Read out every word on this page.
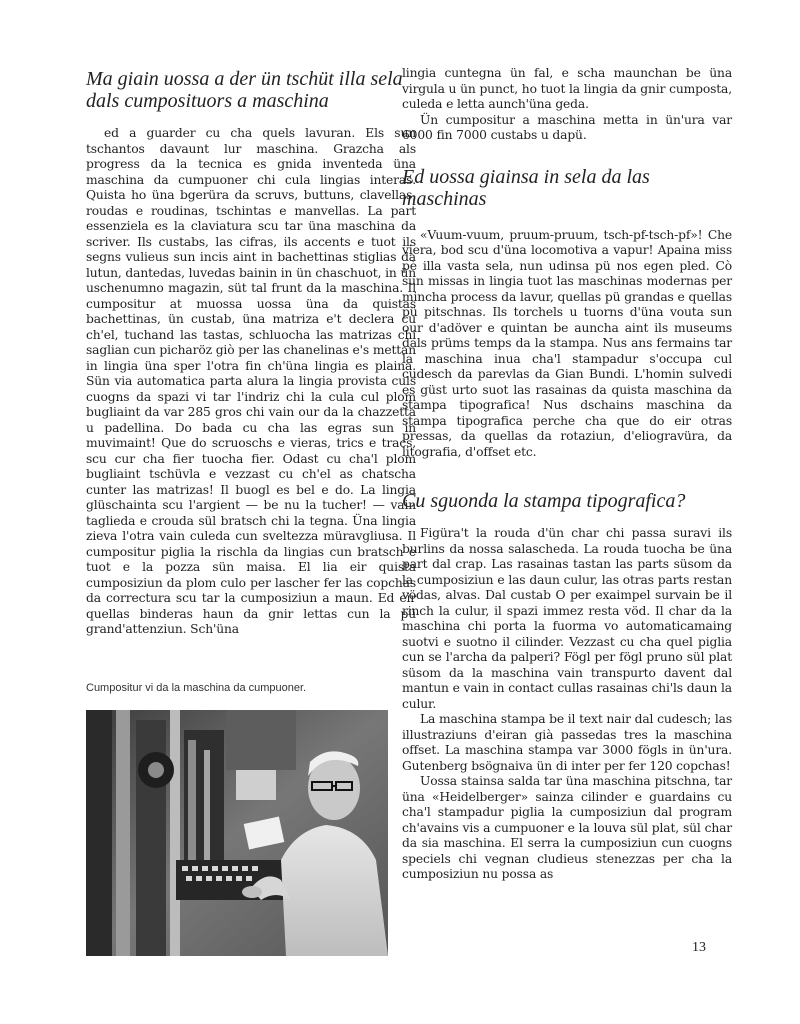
Ma giain uossa a der ün tschüt illa sela dals cumposituors a maschina

ed a guarder cu cha quels lavuran. Els sun tschantos davaunt lur maschina. Grazcha als progress da la tecnica es gnida inventeda üna maschina da cumpuoner chi cula lingias interas. Quista ho üna bgerüra da scruvs, buttuns, clavellas, roudas e roudinas, tschintas e manvellas. La part essenziela es la claviatura scu tar üna maschina da scriver. Ils custabs, las cifras, ils accents e tuot ils segns vulieus sun incis aint in bachettinas stiglias da lutun, dantedas, luvedas bainin in ün chaschuot, in ün uschenumno magazin, süt tal frunt da la maschina. Il cumpositur at muossa uossa üna da quistas bachettinas, ün custab, üna matriza e't declera cu ch'el, tuchand las tastas, schluocha las matrizas chi saglian cun picharöz giò per las chanelinas e's mettan in lingia üna sper l'otra fin ch'üna lingia es plaina. Sün via automatica parta alura la lingia provista culs cuogns da spazi vi tar l'indriz chi la cula cul plom bugliaint da var 285 gros chi vain our da la chazzetta u padellina. Do bada cu cha las egras sun in muvimaint! Que do scruoschs e vieras, trics e tracs, scu cur cha fier tuocha fier. Odast cu cha'l plom bugliaint tschüvla e vezzast cu ch'el as chatscha cunter las matrizas! Il buogl es bel e do. La lingia glüschainta scu l'argient — be nu la tucher! — vain taglieda e crouda sül bratsch chi la tegna. Üna lingia zieva l'otra vain culeda cun sveltezza müravgliusa. Il cumpositur piglia la rischla da lingias cun bratsch e tuot e la pozza sün maisa. El lia eir quista cumposiziun da plom culo per lascher fer las copchas da correctura scu tar la cumposiziun a maun. Ed eir quellas binderas haun da gnir lettas cun la pü grand'attenziun. Sch'üna

Cumpositur vi da la maschina da cumpuoner.

lingia cuntegna ün fal, e scha maunchan be üna virgula u ün punct, ho tuot la lingia da gnir cumposta, culeda e letta aunch'üna geda.

Ün cumpositur a maschina metta in ün'ura var 6000 fin 7000 custabs u dapü.

Ed uossa giainsa in sela da las maschinas

«Vuum-vuum, pruum-pruum, tsch-pf-tsch-pf»! Che viera, bod scu d'üna locomotiva a vapur! Apaina miss pè illa vasta sela, nun udinsa pü nos egen pled. Cò sun missas in lingia tuot las maschinas modernas per mincha process da lavur, quellas pü grandas e quellas pü pitschnas. Ils torchels u tuorns d'üna vouta sun our d'adöver e quintan be auncha aint ils museums dals prüms temps da la stampa. Nus ans fermains tar la maschina inua cha'l stampadur s'occupa cul cudesch da parevlas da Gian Bundi. L'homin sulvedi es güst urto suot las rasainas da quista maschina da stampa tipografica! Nus dschains maschina da stampa tipografica perche cha que do eir otras pressas, da quellas da rotaziun, d'eliogravüra, da litografia, d'offset etc.

Cu sguonda la stampa tipografica?

Figüra't la rouda d'ün char chi passa suravi ils burlins da nossa salascheda. La rouda tuocha be üna part dal crap. Las rasainas tastan las parts süsom da la cumposiziun e las daun culur, las otras parts restan vödas, alvas. Dal custab O per exaimpel survain be il rinch la culur, il spazi immez resta vöd. Il char da la maschina chi porta la fuorma vo automaticamaing suotvi e suotno il cilinder. Vezzast cu cha quel piglia cun se l'archa da palperi? Fögl per fögl pruno sül plat süsom da la maschina vain transpurto davent dal mantun e vain in contact cullas rasainas chi'ls daun la culur.

La maschina stampa be il text nair dal cudesch; las illustraziuns d'eiran già passedas tres la maschina offset. La maschina stampa var 3000 fögls in ün'ura. Gutenberg bsögnaiva ün di inter per fer 120 copchas!

Uossa stainsa salda tar üna maschina pitschna, tar üna «Heidelberger» sainza cilinder e guardains cu cha'l stampadur piglia la cumposiziun dal program ch'avains vis a cumpuoner e la louva sül plat, sül char da sia maschina. El serra la cumposiziun cun cuogns speciels chi vegnan cludieus stenezzas per cha la cumposiziun nu possa as

13
